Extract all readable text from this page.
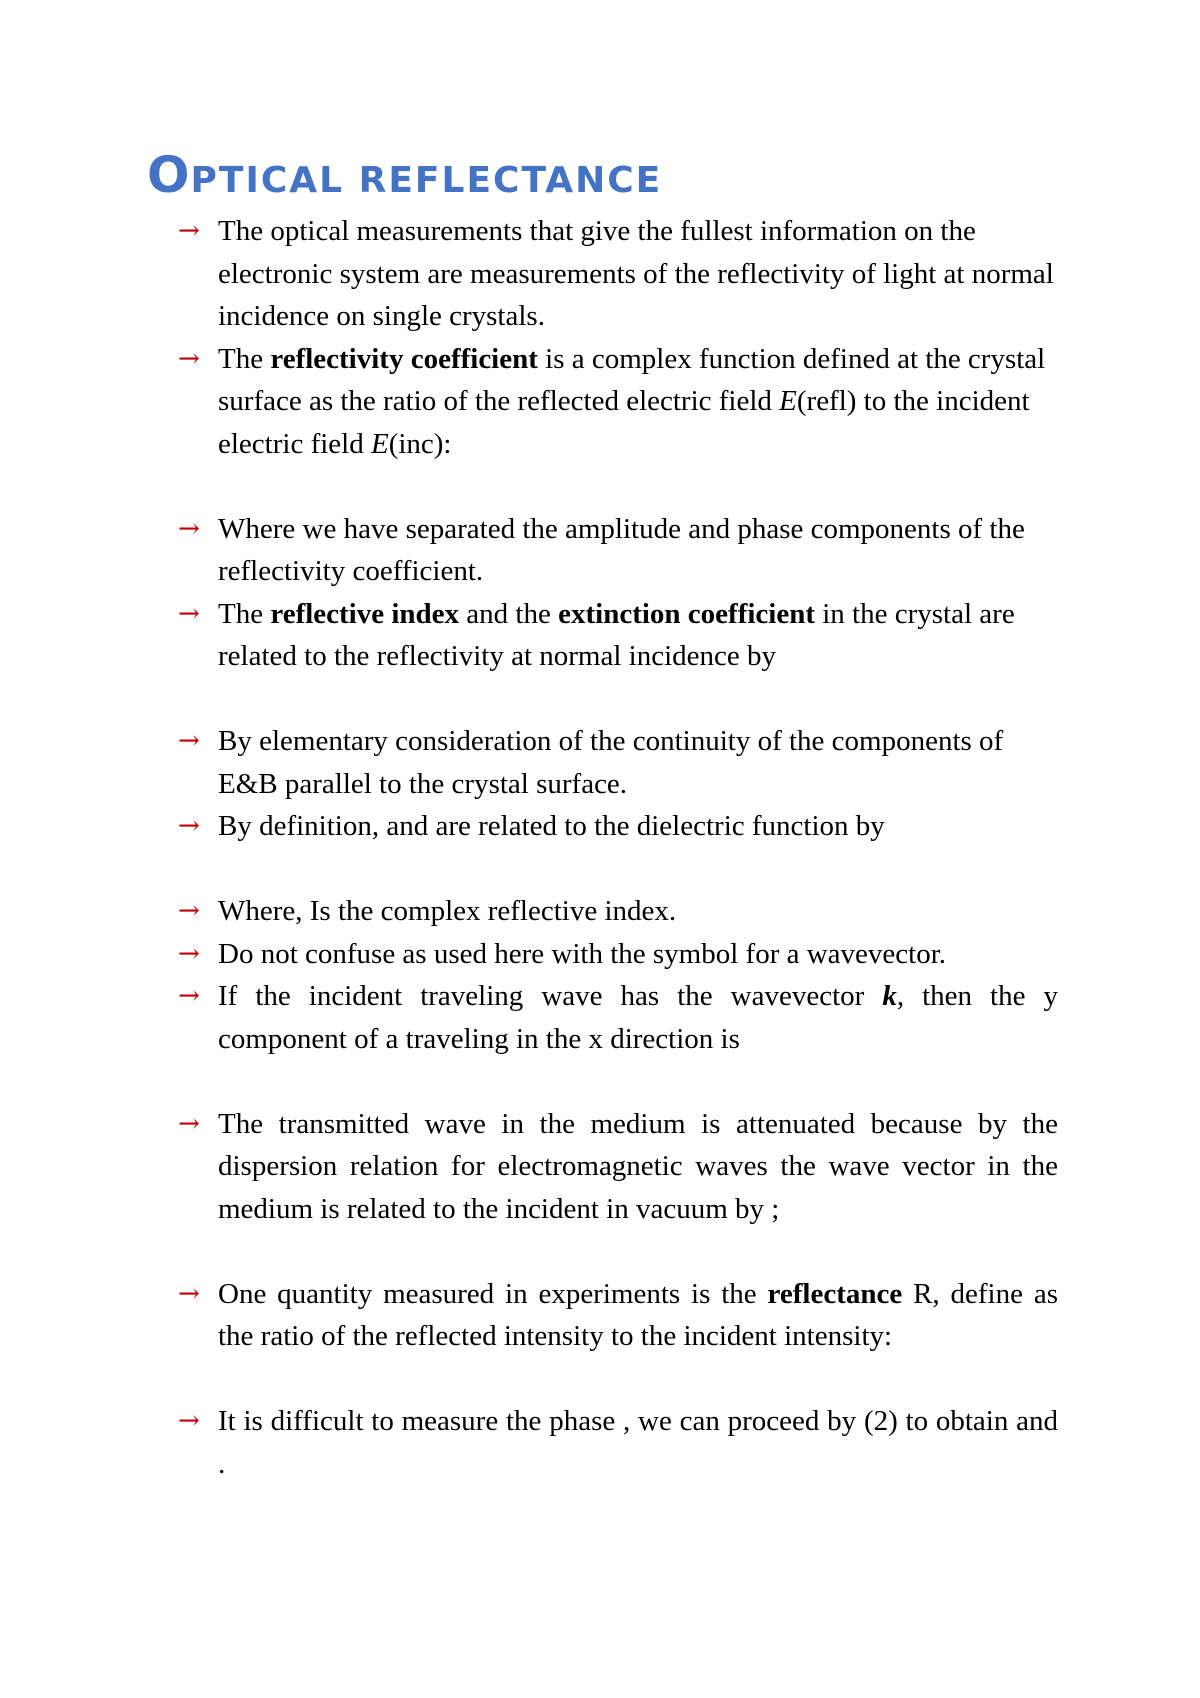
OPTICAL REFLECTANCE
→ The optical measurements that give the fullest information on the electronic system are measurements of the reflectivity of light at normal incidence on single crystals.
→ The reflectivity coefficient is a complex function defined at the crystal surface as the ratio of the reflected electric field E(refl) to the incident electric field E(inc):
→ Where we have separated the amplitude and phase components of the reflectivity coefficient.
→ The reflective index and the extinction coefficient in the crystal are related to the reflectivity at normal incidence by
→ By elementary consideration of the continuity of the components of E&B parallel to the crystal surface.
→ By definition, and are related to the dielectric function by
→ Where, Is the complex reflective index.
→ Do not confuse as used here with the symbol for a wavevector.
→ If the incident traveling wave has the wavevector k, then the y component of a traveling in the x direction is
→ The transmitted wave in the medium is attenuated because by the dispersion relation for electromagnetic waves the wave vector in the medium is related to the incident in vacuum by ;
→ One quantity measured in experiments is the reflectance R, define as the ratio of the reflected intensity to the incident intensity:
→ It is difficult to measure the phase , we can proceed by (2) to obtain and .
